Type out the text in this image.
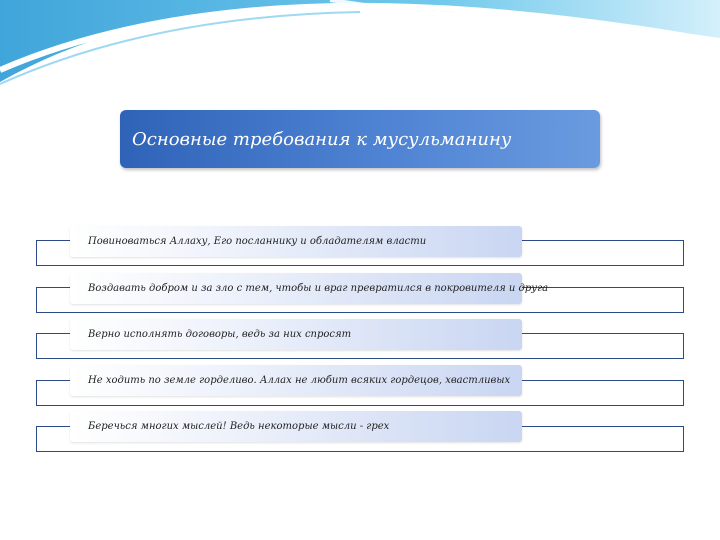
Основные требования к мусульманину
Повиноваться Аллаху, Его посланнику и обладателям власти
Воздавать добром и за зло с тем, чтобы и враг превратился в покровителя и друга
Верно исполнять договоры, ведь за них спросят
Не ходить по земле горделиво. Аллах не любит всяких гордецов, хвастливых
Беречься многих мыслей! Ведь некоторые мысли - грех
